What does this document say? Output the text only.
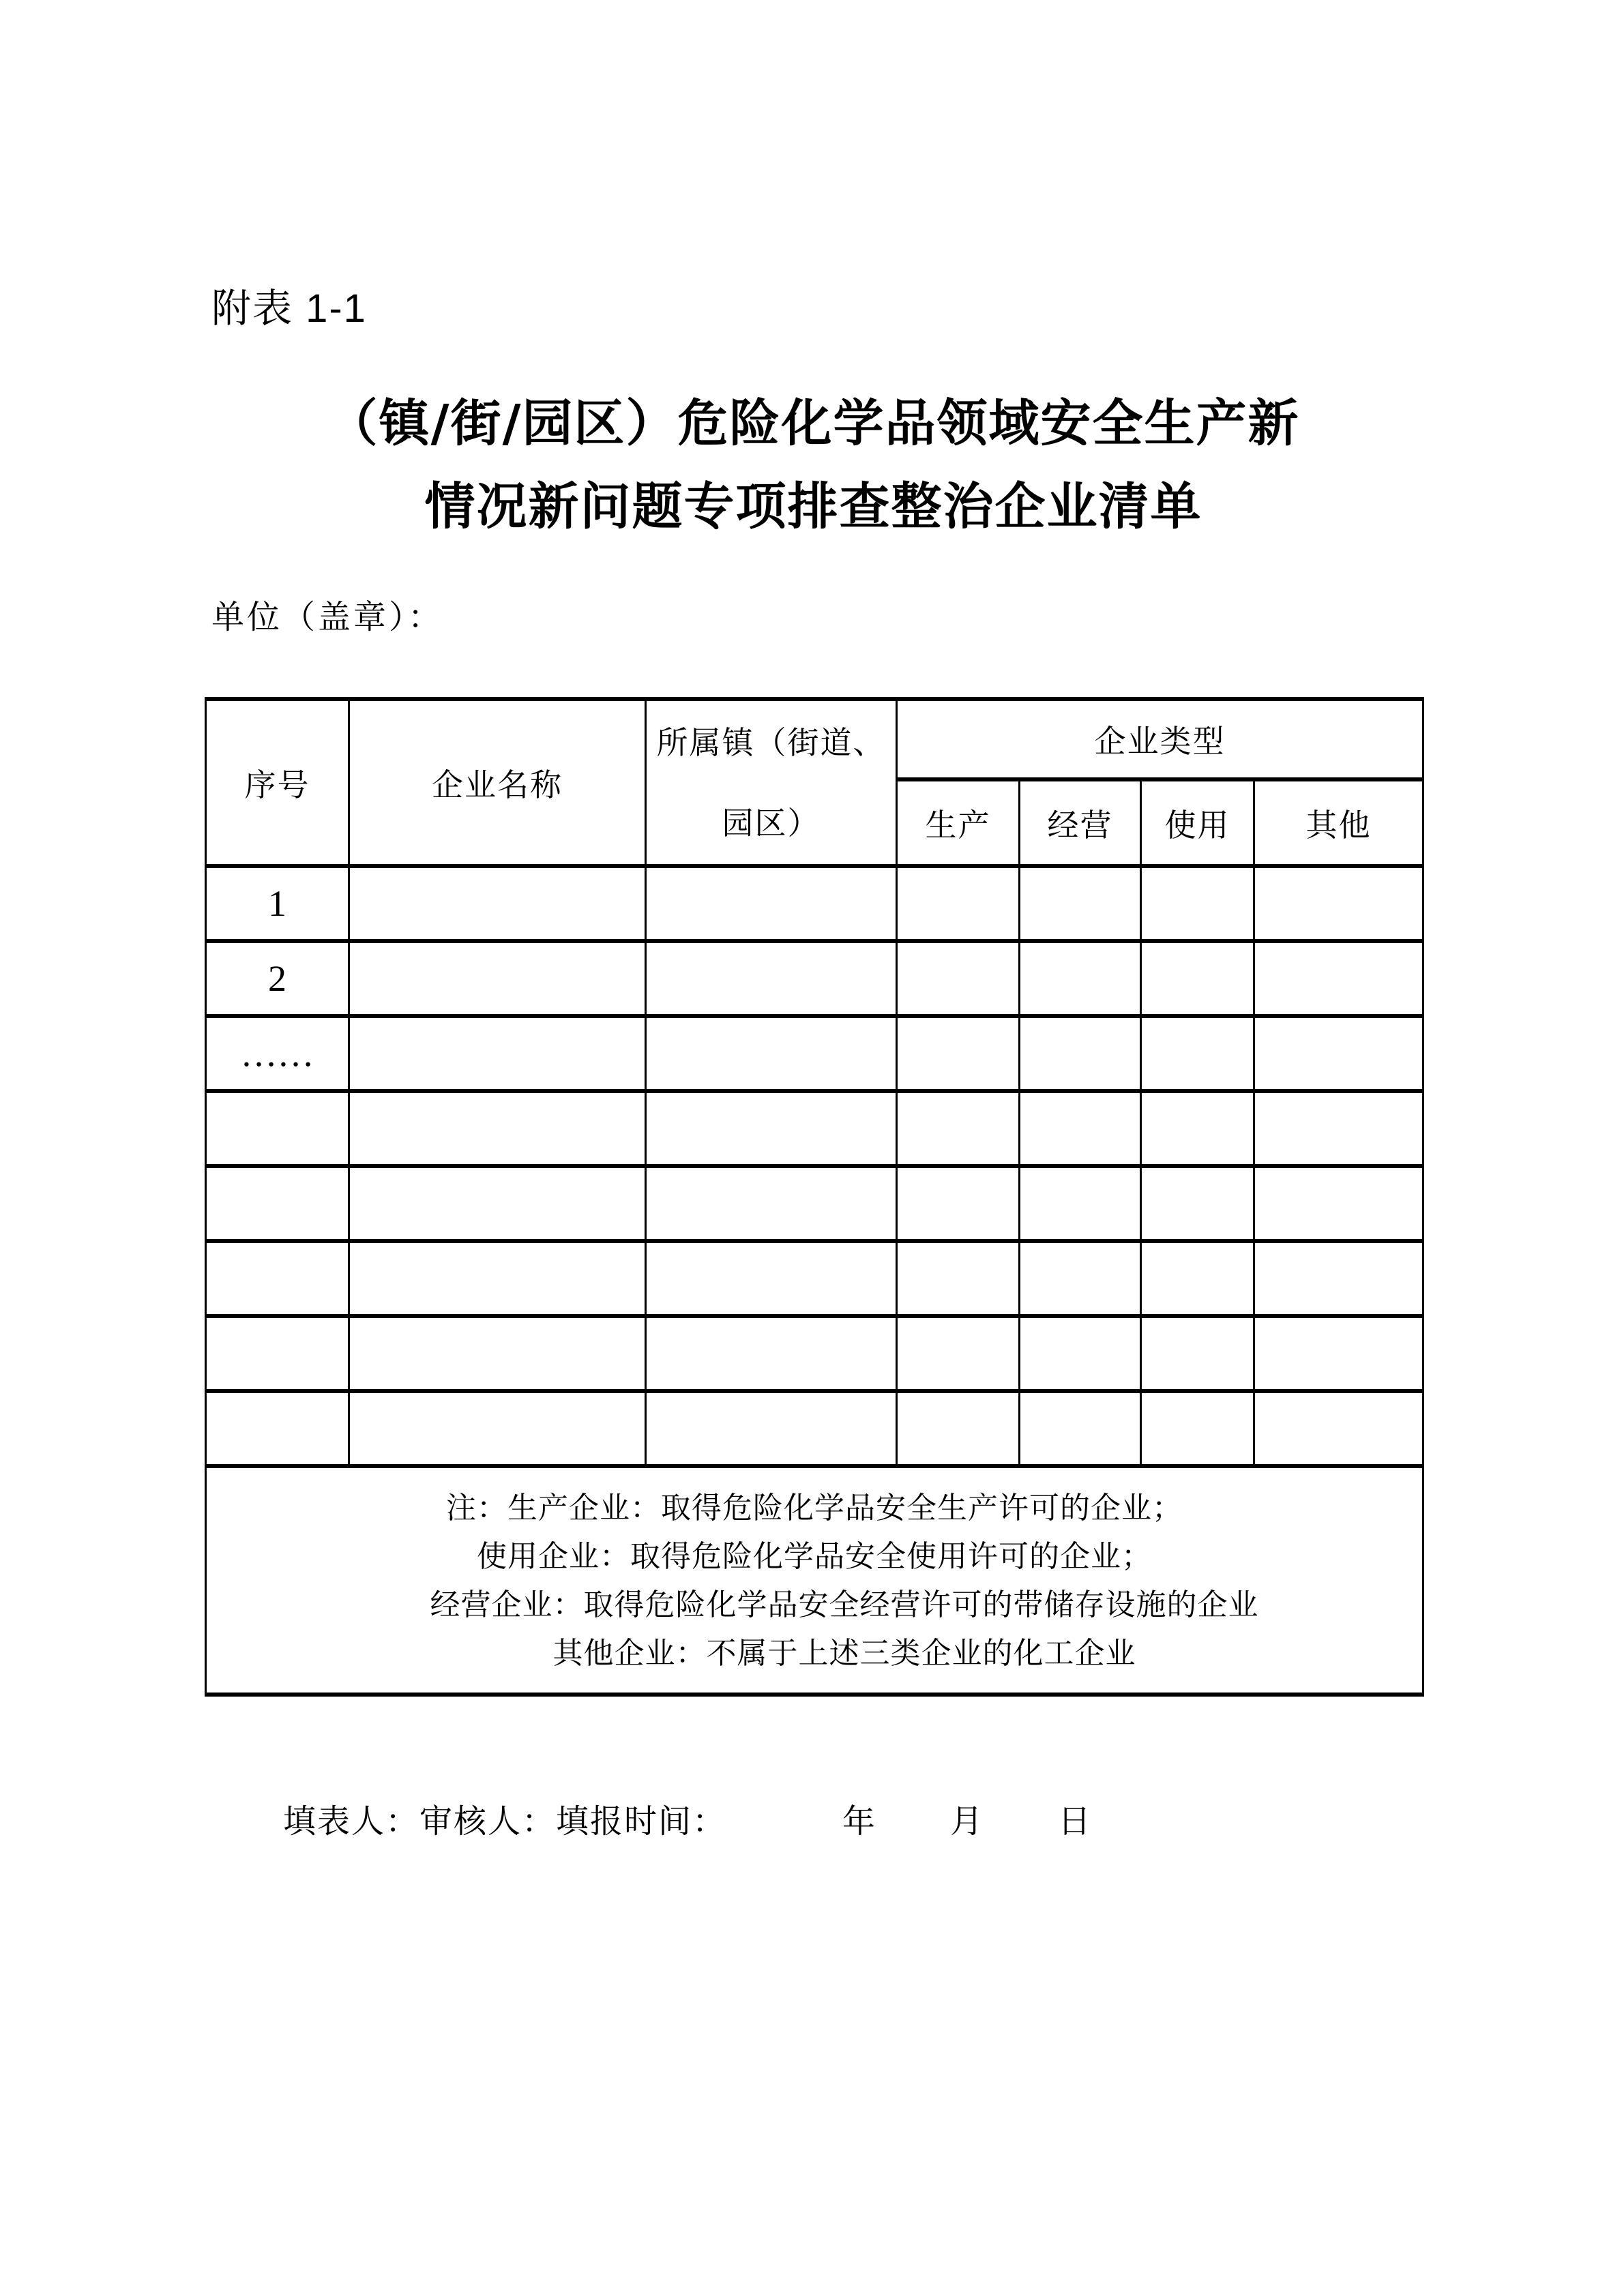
附表 1-1
（镇/街/园区）危险化学品领域安全生产新
情况新问题专项排查整治企业清单
单位（盖章）：
序号	企业名称	所属镇（街道、园区）	企业类型			
			生产	经营	使用	其他
1						
2						
……						

注：生产企业：取得危险化学品安全生产许可的企业；
使用企业：取得危险化学品安全使用许可的企业；
经营企业：取得危险化学品安全经营许可的带储存设施的企业
其他企业：不属于上述三类企业的化工企业						
填表人：审核人：填报时间：	年 月 日
